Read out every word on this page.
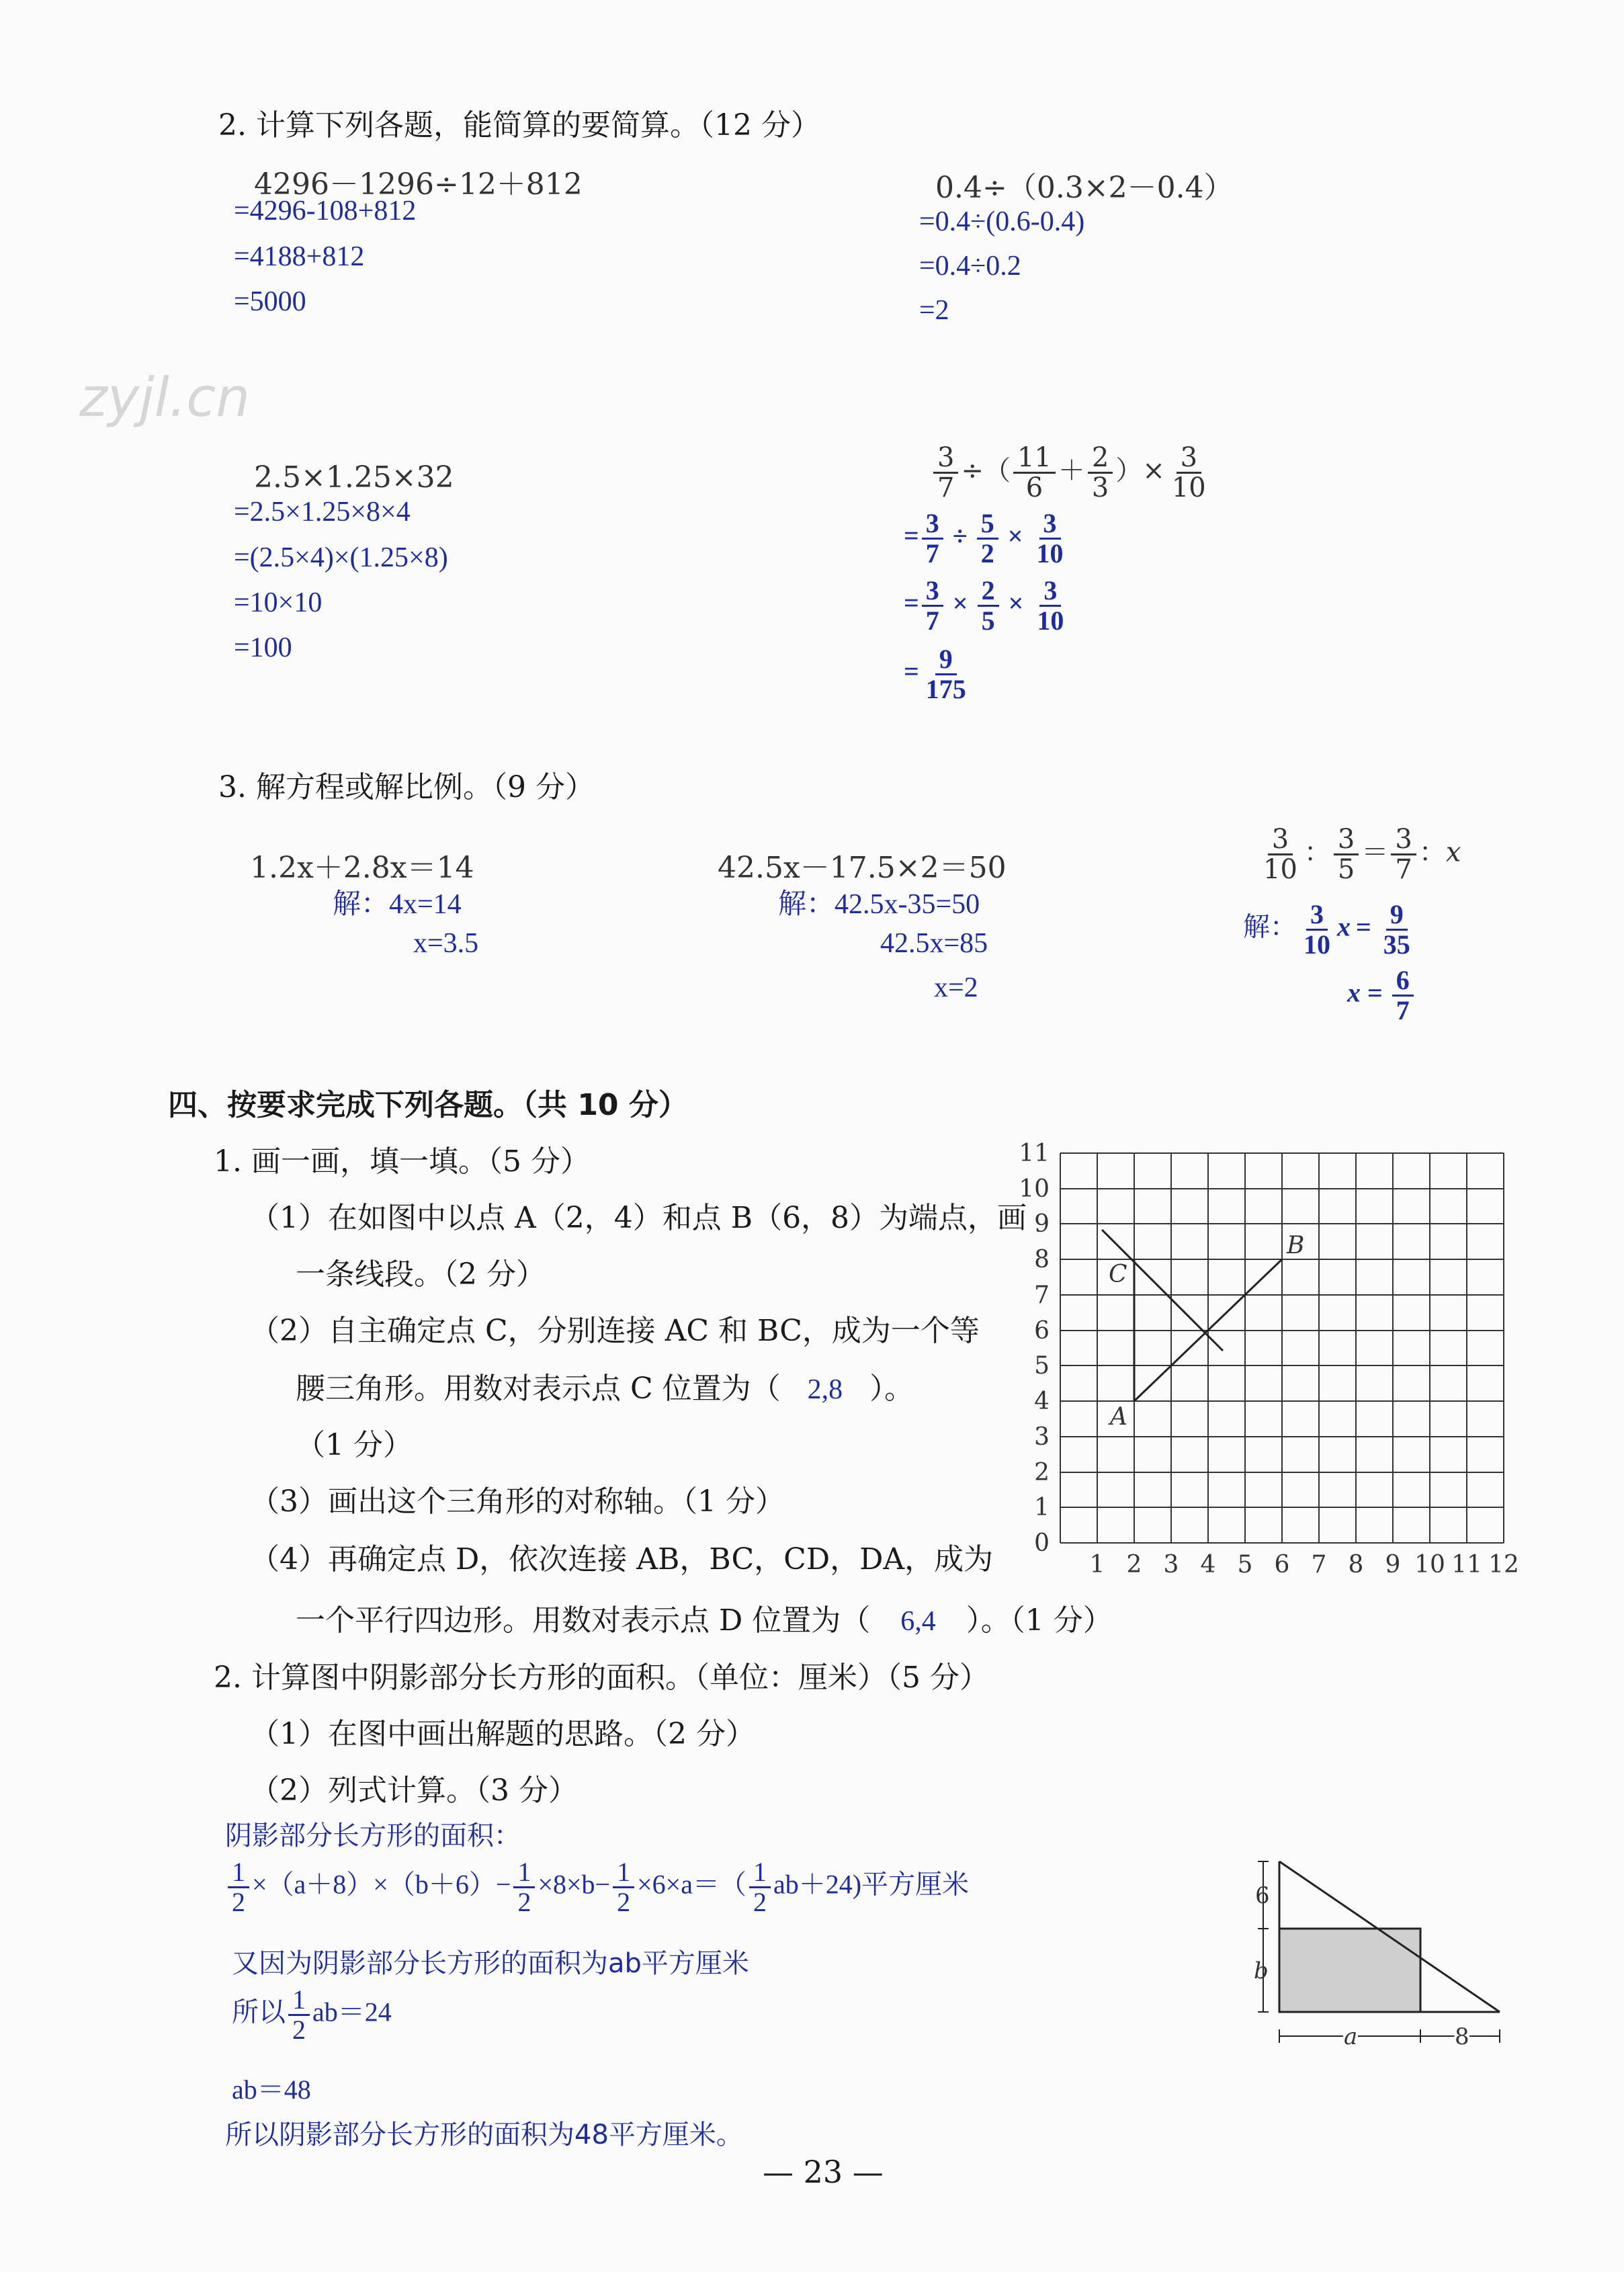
zyjl.cn
2. 计算下列各题，能简算的要简算。（12 分）
4296－1296÷12＋812
=4296-108+812
=4188+812
=5000
0.4÷（0.3×2－0.4）
=0.4÷(0.6-0.4)
=0.4÷0.2
=2
2.5×1.25×32
=2.5×1.25×8×4
=(2.5×4)×(1.25×8)
=10×10
=100
$\frac{3}{7}$ ÷（ $\frac{11}{6} + \frac{2}{3}$ ）× $\frac{3}{10}$
= $\frac{3}{7} \div \frac{5}{2} \times \frac{3}{10}$
= $\frac{3}{7} \times \frac{2}{5} \times \frac{3}{10}$
= $\frac{9}{175}$
3. 解方程或解比例。（9 分）
1.2x＋2.8x＝14
解：4x=14
x=3.5
42.5x－17.5×2＝50
解：42.5x-35=50
42.5x=85
x=2
$\frac{3}{10}$ ： $\frac{3}{5} = \frac{3}{7}$ ：x
解： $\frac{3}{10}$ $x = \frac{9}{35}$
$x = \frac{6}{7}$
四、按要求完成下列各题。（共 10 分）
1. 画一画，填一填。（5 分）
（1）在如图中以点 A（2，4）和点 B（6，8）为端点，画
一条线段。（2 分）
（2）自主确定点 C，分别连接 AC 和 BC，成为一个等
腰三角形。用数对表示点 C 位置为（ 2,8 ）。
（1 分）
（3）画出这个三角形的对称轴。（1 分）
（4）再确定点 D，依次连接 AB，BC，CD，DA，成为
一个平行四边形。用数对表示点 D 位置为（ 6,4 ）。（1 分）
1 2 3 4 5 6 7 8 9 10 11 12
0
1
2
3
4
5
6
7
8
9
10
11
A
B
C
2. 计算图中阴影部分长方形的面积。（单位：厘米）（5 分）
（1）在图中画出解题的思路。（2 分）
（2）列式计算。（3 分）
阴影部分长方形的面积：
$\frac{1}{2} \times(a+8)\times(b+6)- \frac{1}{2} \times 8\times b- \frac{1}{2} \times 6\times a=( \frac{1}{2} ab+24)$平方厘米
又因为阴影部分长方形的面积为ab平方厘米
所以 $\frac{1}{2} ab=24$
ab＝48
所以阴影部分长方形的面积为48平方厘米。
6
b
a	8
— 23 —
